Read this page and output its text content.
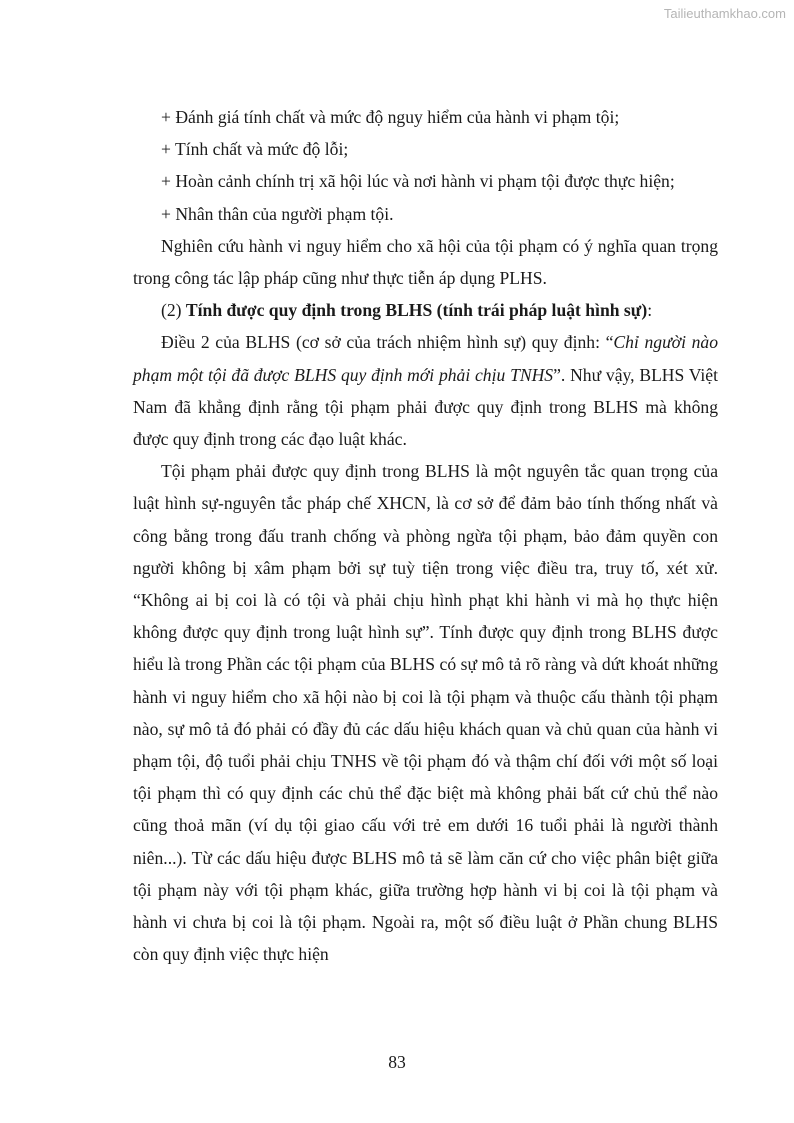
Tailieuthamkhao.com

+ Đánh giá tính chất và mức độ nguy hiểm của hành vi phạm tội;

+ Tính chất và mức độ lỗi;

+ Hoàn cảnh chính trị xã hội lúc và nơi hành vi phạm tội được thực hiện;

+ Nhân thân của người phạm tội.

Nghiên cứu hành vi nguy hiểm cho xã hội của tội phạm có ý nghĩa quan trọng trong công tác lập pháp cũng như thực tiễn áp dụng PLHS.

(2) Tính được quy định trong BLHS (tính trái pháp luật hình sự):

Điều 2 của BLHS (cơ sở của trách nhiệm hình sự) quy định: “Chỉ người nào phạm một tội đã được BLHS quy định mới phải chịu TNHS”. Như vậy, BLHS Việt Nam đã khẳng định rằng tội phạm phải được quy định trong BLHS mà không được quy định trong các đạo luật khác.

Tội phạm phải được quy định trong BLHS là một nguyên tắc quan trọng của luật hình sự-nguyên tắc pháp chế XHCN, là cơ sở để đảm bảo tính thống nhất và công bằng trong đấu tranh chống và phòng ngừa tội phạm, bảo đảm quyền con người không bị xâm phạm bởi sự tuỳ tiện trong việc điều tra, truy tố, xét xử. “Không ai bị coi là có tội và phải chịu hình phạt khi hành vi mà họ thực hiện không được quy định trong luật hình sự”. Tính được quy định trong BLHS được hiểu là trong Phần các tội phạm của BLHS có sự mô tả rõ ràng và dứt khoát những hành vi nguy hiểm cho xã hội nào bị coi là tội phạm và thuộc cấu thành tội phạm nào, sự mô tả đó phải có đầy đủ các dấu hiệu khách quan và chủ quan của hành vi phạm tội, độ tuổi phải chịu TNHS về tội phạm đó và thậm chí đối với một số loại tội phạm thì có quy định các chủ thể đặc biệt mà không phải bất cứ chủ thể nào cũng thoả mãn (ví dụ tội giao cấu với trẻ em dưới 16 tuổi phải là người thành niên...). Từ các dấu hiệu được BLHS mô tả sẽ làm căn cứ cho việc phân biệt giữa tội phạm này với tội phạm khác, giữa trường hợp hành vi bị coi là tội phạm và hành vi chưa bị coi là tội phạm. Ngoài ra, một số điều luật ở Phần chung BLHS còn quy định việc thực hiện

83
